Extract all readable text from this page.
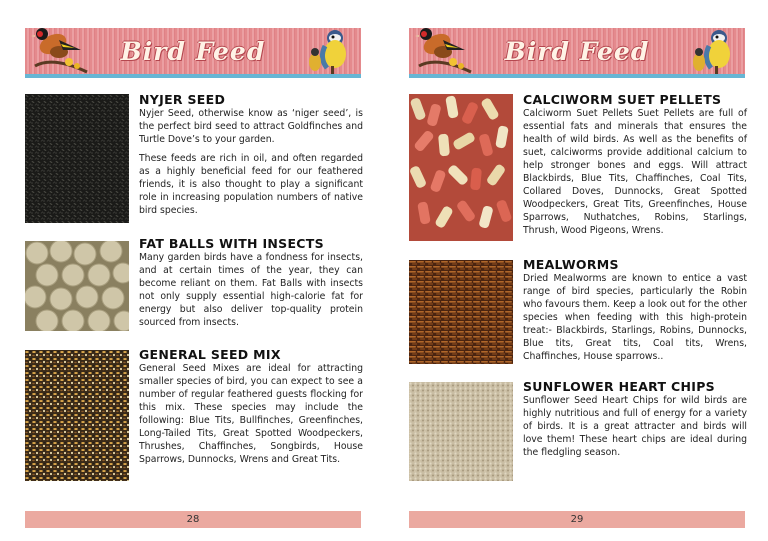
Bird Feed
NYJER SEED

Nyjer Seed, otherwise know as ‘niger seed’, is the perfect bird seed to attract Goldfinches and Turtle Dove’s to your garden.

These feeds are rich in oil, and often regarded as a highly beneficial feed for our feathered friends, it is also thought to play a significant role in increasing population numbers of native bird species.

FAT BALLS WITH INSECTS

Many garden birds have a fondness for insects, and at certain times of the year, they can become reliant on them. Fat Balls with insects not only supply essential high-calorie fat for energy but also deliver top-quality protein sourced from insects.

GENERAL SEED MIX

General Seed Mixes are ideal for attracting smaller species of bird, you can expect to see a number of regular feathered guests flocking for this mix. These species may include the following: Blue Tits, Bullfinches, Greenfinches, Long-Tailed Tits, Great Spotted Woodpeckers, Thrushes, Chaffinches, Songbirds, House Sparrows, Dunnocks, Wrens and Great Tits.

28
Bird Feed
CALCIWORM SUET PELLETS

Calciworm Suet Pellets Suet Pellets are full of essential fats and minerals that ensures the health of wild birds. As well as the benefits of suet, calciworms provide additional calcium to help stronger bones and eggs. Will attract Blackbirds, Blue Tits, Chaffinches, Coal Tits, Collared Doves, Dunnocks, Great Spotted Woodpeckers, Great Tits, Greenfinches, House Sparrows, Nuthatches, Robins, Starlings, Thrush, Wood Pigeons, Wrens.

MEALWORMS

Dried Mealworms are known to entice a vast range of bird species, particularly the Robin who favours them. Keep a look out for the other species when feeding with this high-protein treat:- Blackbirds, Starlings, Robins, Dunnocks, Blue tits, Great tits, Coal tits, Wrens, Chaffinches, House sparrows..

SUNFLOWER HEART CHIPS

Sunflower Seed Heart Chips for wild birds are highly nutritious and full of energy for a variety of birds. It is a great attracter and birds will love them! These heart chips are ideal during the fledgling season.

29
